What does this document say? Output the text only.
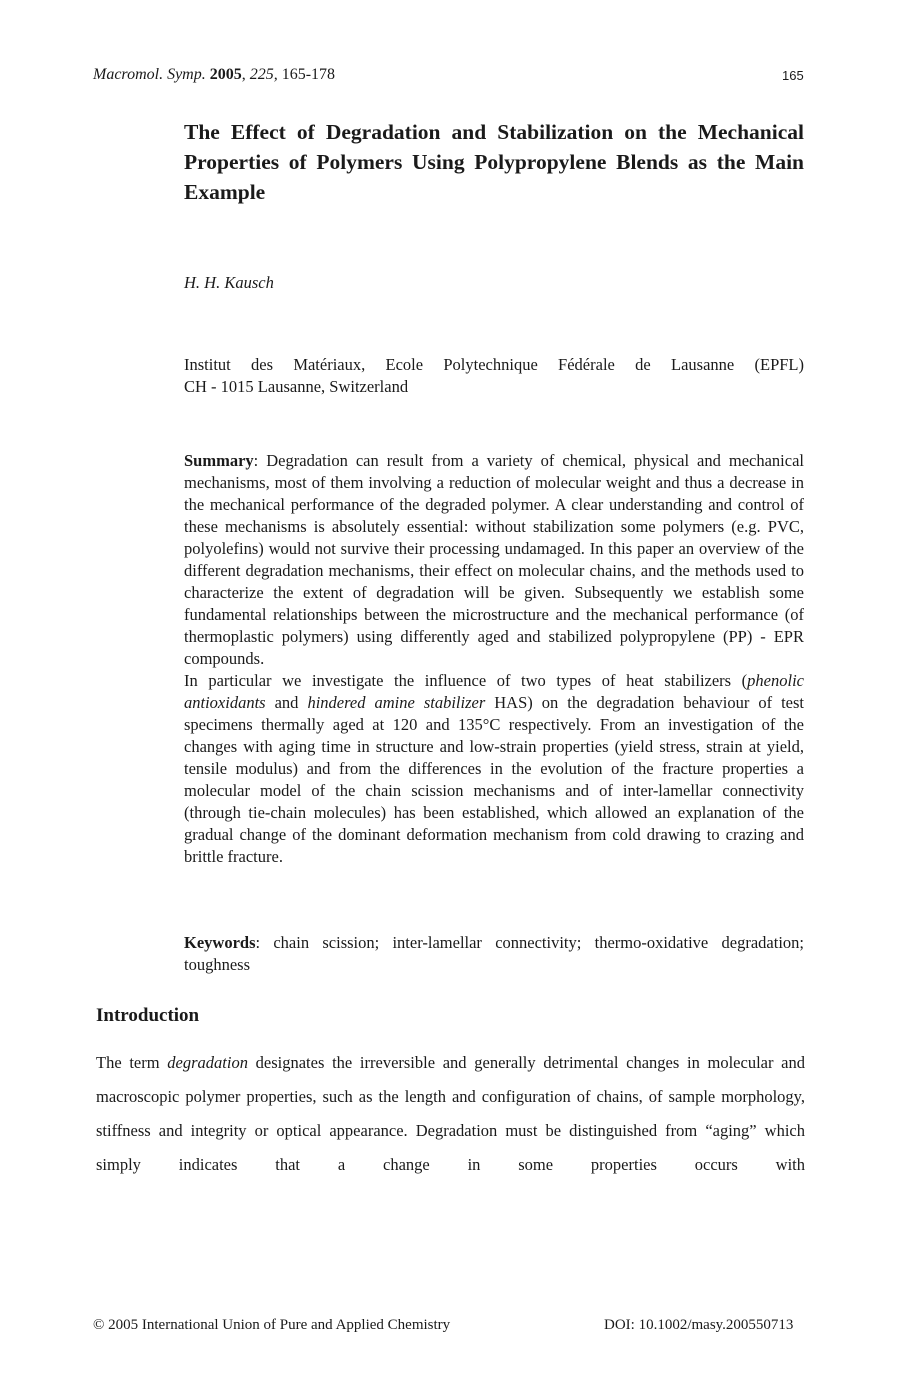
Macromol. Symp. 2005, 225, 165-178	165
The Effect of Degradation and Stabilization on the Mechanical Properties of Polymers Using Polypropylene Blends as the Main Example
H. H. Kausch
Institut des Matériaux, Ecole Polytechnique Fédérale de Lausanne (EPFL)
CH - 1015 Lausanne, Switzerland

Summary: Degradation can result from a variety of chemical, physical and mechanical mechanisms, most of them involving a reduction of molecular weight and thus a decrease in the mechanical performance of the degraded polymer. A clear understanding and control of these mechanisms is absolutely essential: without stabilization some polymers (e.g. PVC, polyolefins) would not survive their processing undamaged. In this paper an overview of the different degradation mechanisms, their effect on molecular chains, and the methods used to characterize the extent of degradation will be given. Subsequently we establish some fundamental relationships between the microstructure and the mechanical performance (of thermoplastic polymers) using differently aged and stabilized polypropylene (PP) - EPR compounds.

In particular we investigate the influence of two types of heat stabilizers (phenolic antioxidants and hindered amine stabilizer HAS) on the degradation behaviour of test specimens thermally aged at 120 and 135°C respectively. From an investigation of the changes with aging time in structure and low-strain properties (yield stress, strain at yield, tensile modulus) and from the differences in the evolution of the fracture properties a molecular model of the chain scission mechanisms and of inter-lamellar connectivity (through tie-chain molecules) has been established, which allowed an explanation of the gradual change of the dominant deformation mechanism from cold drawing to crazing and brittle fracture.

Keywords: chain scission; inter-lamellar connectivity; thermo-oxidative degradation; toughness
Introduction
The term degradation designates the irreversible and generally detrimental changes in molecular and macroscopic polymer properties, such as the length and configuration of chains, of sample morphology, stiffness and integrity or optical appearance. Degradation must be distinguished from “aging” which simply indicates that a change in some properties occurs with
© 2005 International Union of Pure and Applied Chemistry	DOI: 10.1002/masy.200550713
